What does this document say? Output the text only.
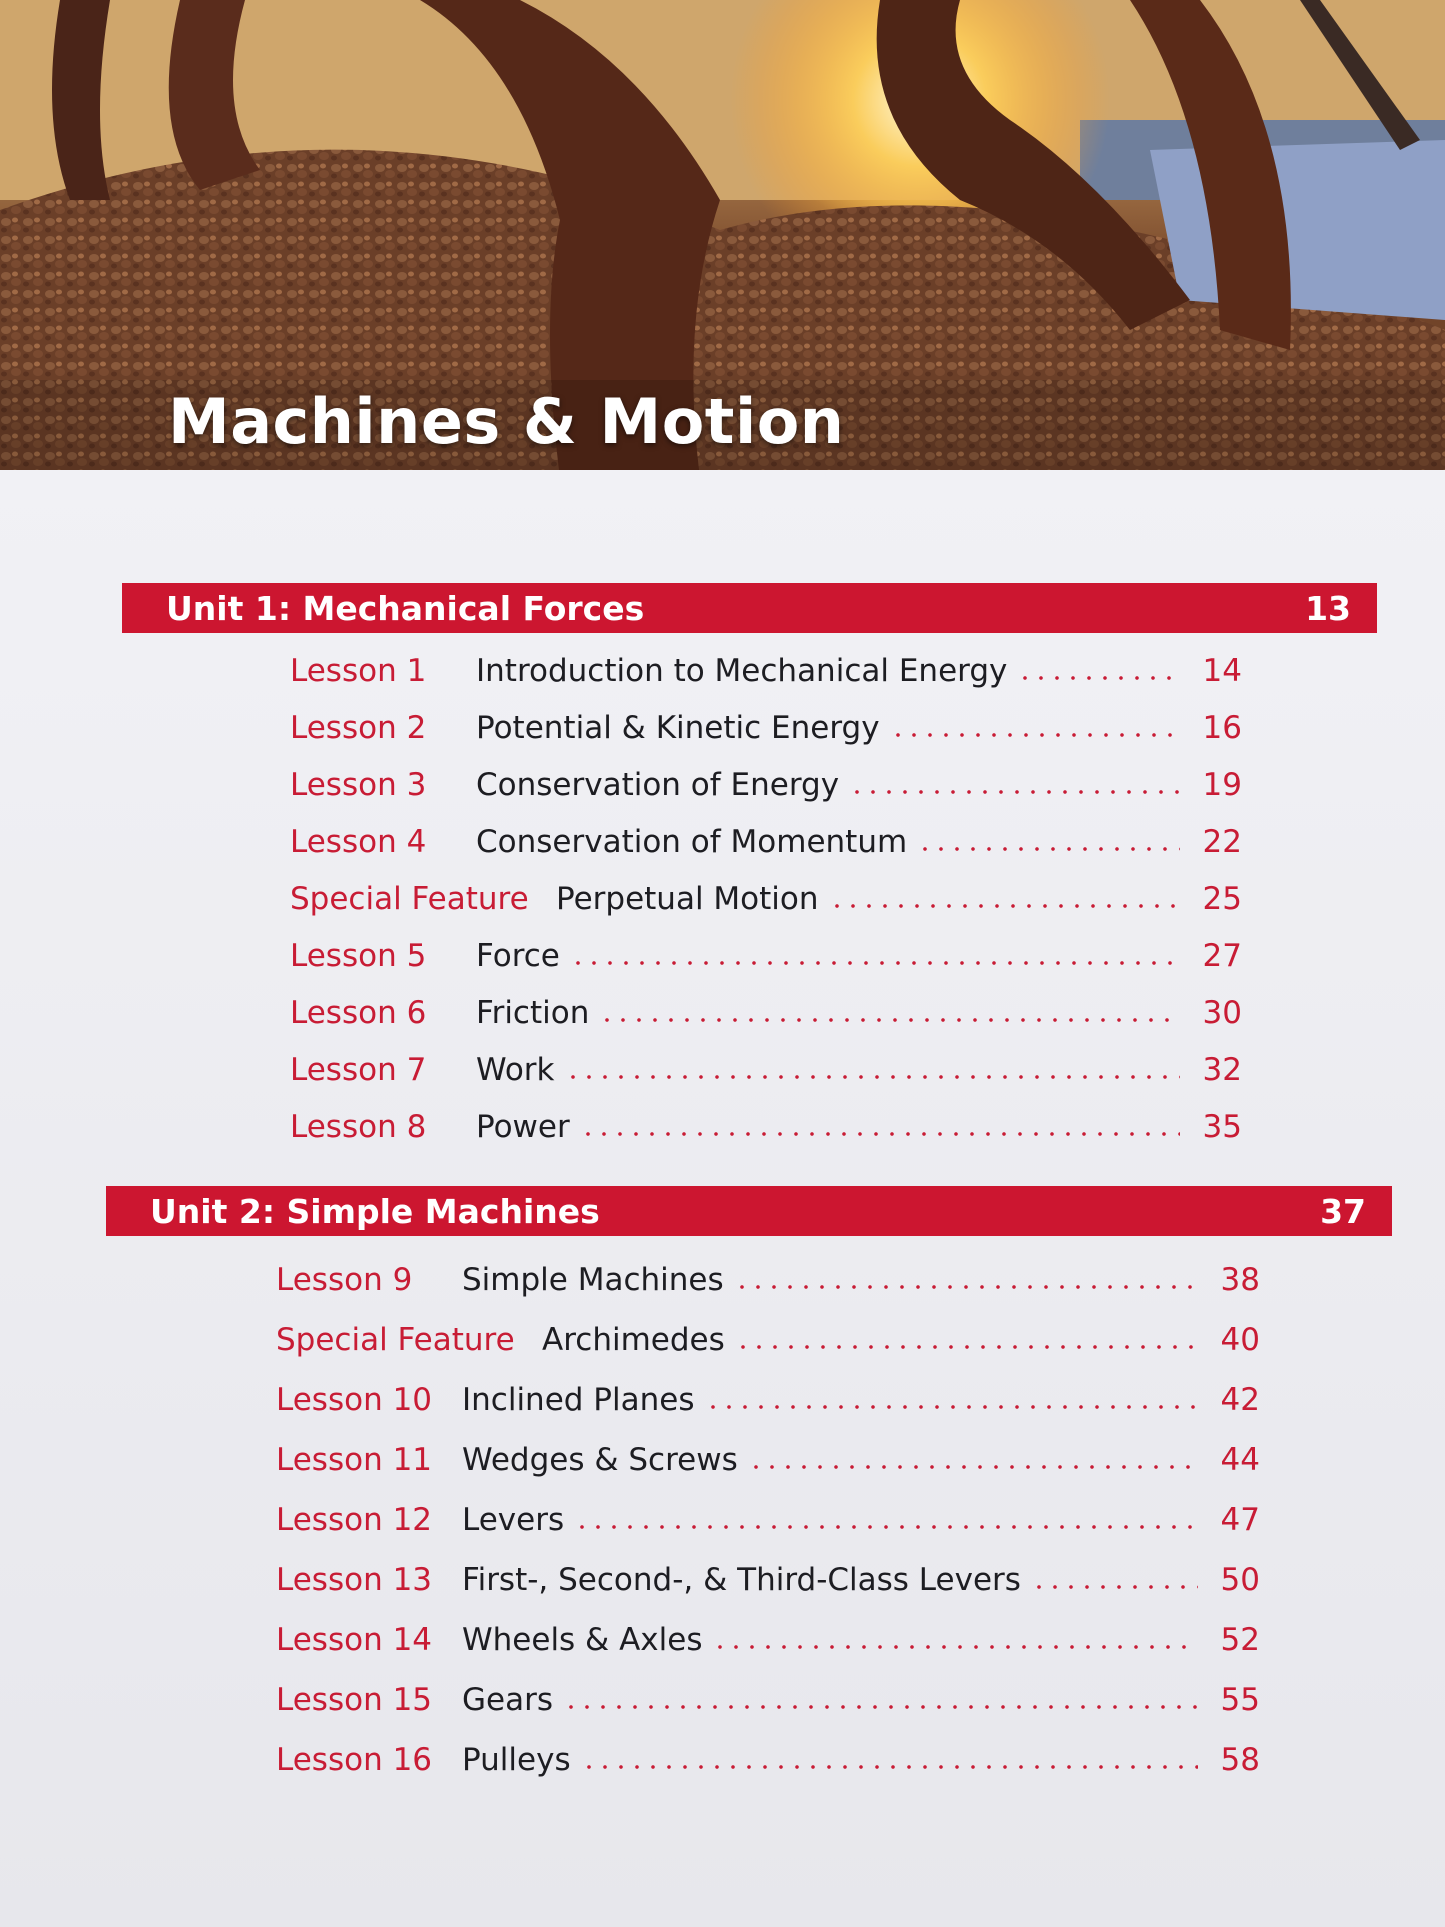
Machines & Motion
Unit 1: Mechanical Forces	13
Lesson 1	Introduction to Mechanical Energy	14
Lesson 2	Potential & Kinetic Energy	16
Lesson 3	Conservation of Energy	19
Lesson 4	Conservation of Momentum	22
Special Feature Perpetual Motion	25
Lesson 5	Force	27
Lesson 6	Friction	30
Lesson 7	Work	32
Lesson 8	Power	35
Unit 2: Simple Machines	37
Lesson 9	Simple Machines	38
Special Feature Archimedes	40
Lesson 10 Inclined Planes	42
Lesson 11 Wedges & Screws	44
Lesson 12 Levers	47
Lesson 13 First-, Second-, & Third-Class Levers	50
Lesson 14 Wheels & Axles	52
Lesson 15 Gears	55
Lesson 16 Pulleys	58
